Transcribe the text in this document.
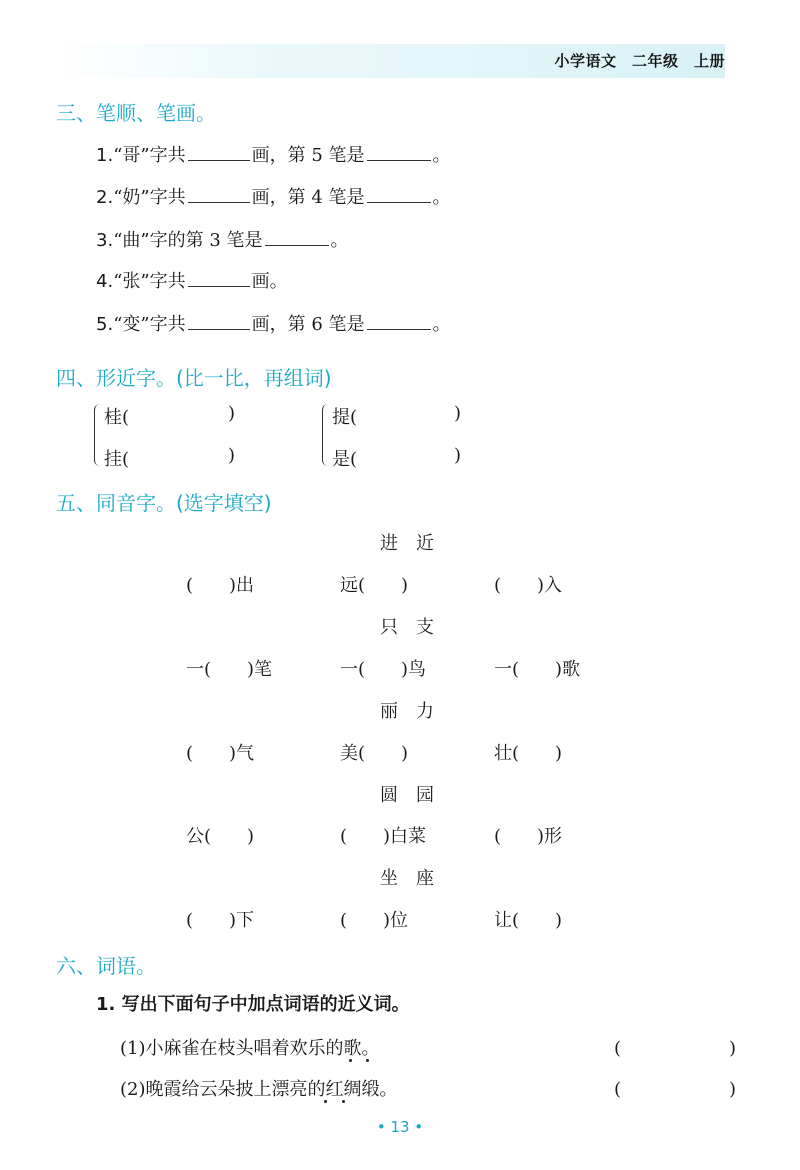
小学语文　二年级　上册
三、笔顺、笔画。
1.“哥”字共	画，第 5 笔是	。
2.“奶”字共	画，第 4 笔是	。
3.“曲”字的第 3 笔是	。
4.“张”字共	画。
5.“变”字共	画，第 6 笔是	。
四、形近字。(比一比，再组词)
桂(	)
挂(	)
提(	)
是(	)
五、同音字。(选字填空)
进近
(　　)出	远(　　)	(　　)入
只支
一(　　)笔	一(　　)鸟	一(　　)歌
丽力
(　　)气	美(　　)	壮(　　)
圆园
公(　　)	(　　)白菜	(　　)形
坐座
(　　)下	(　　)位	让(　　)
六、词语。
1. 写出下面句子中加点词语的近义词。
(1)小麻雀在枝头唱着欢乐的歌。	(　　　　　　)
(2)晚霞给云朵披上漂亮的红绸缎。	(　　　　　　)
• 13 •
